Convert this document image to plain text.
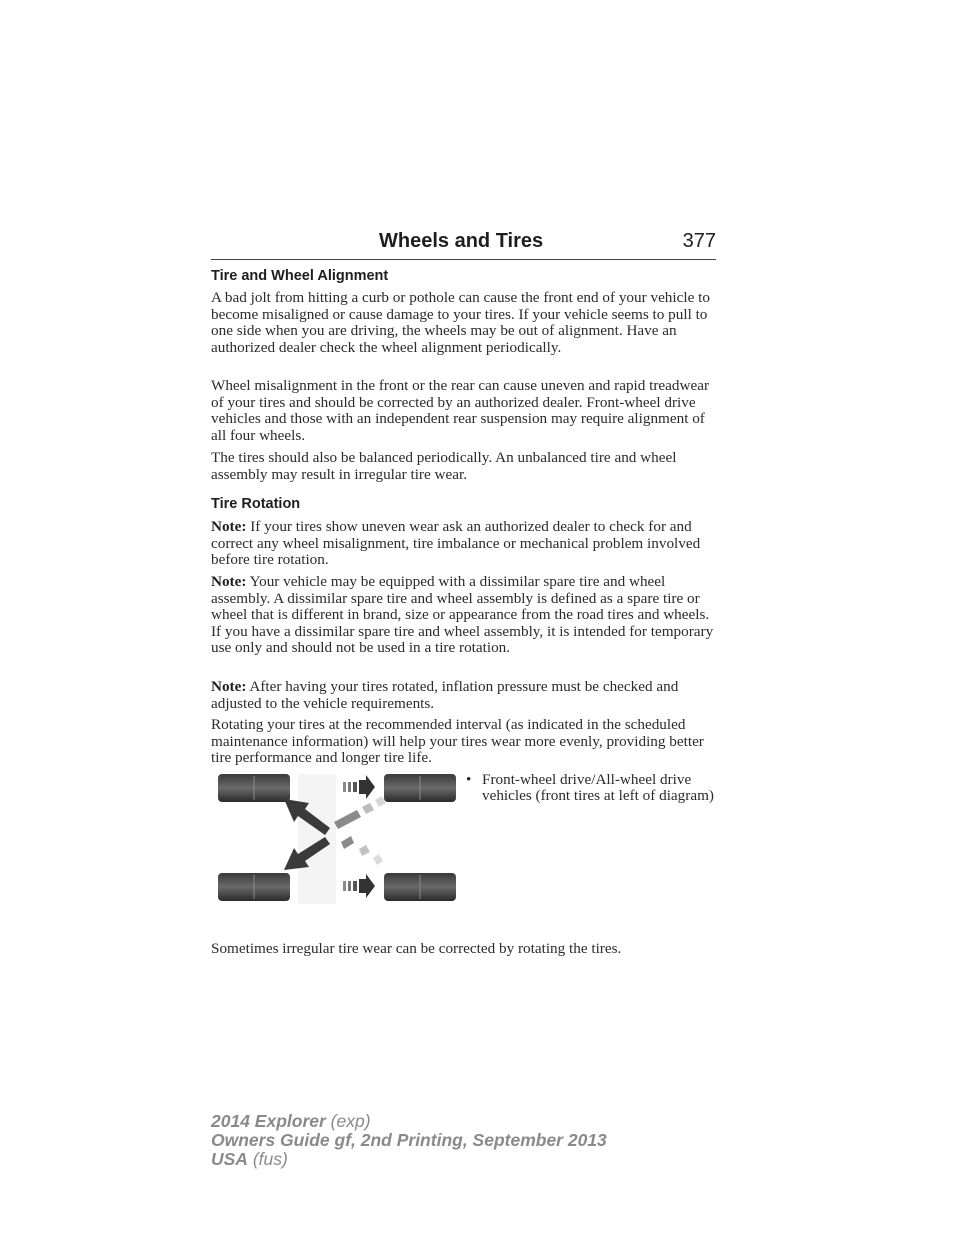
Wheels and Tires	377
Tire and Wheel Alignment

A bad jolt from hitting a curb or pothole can cause the front end of your vehicle to become misaligned or cause damage to your tires. If your vehicle seems to pull to one side when you are driving, the wheels may be out of alignment. Have an authorized dealer check the wheel alignment periodically.

Wheel misalignment in the front or the rear can cause uneven and rapid treadwear of your tires and should be corrected by an authorized dealer. Front-wheel drive vehicles and those with an independent rear suspension may require alignment of all four wheels.

The tires should also be balanced periodically. An unbalanced tire and wheel assembly may result in irregular tire wear.

Tire Rotation

Note: If your tires show uneven wear ask an authorized dealer to check for and correct any wheel misalignment, tire imbalance or mechanical problem involved before tire rotation.

Note: Your vehicle may be equipped with a dissimilar spare tire and wheel assembly. A dissimilar spare tire and wheel assembly is defined as a spare tire or wheel that is different in brand, size or appearance from the road tires and wheels. If you have a dissimilar spare tire and wheel assembly, it is intended for temporary use only and should not be used in a tire rotation.

Note: After having your tires rotated, inflation pressure must be checked and adjusted to the vehicle requirements.

Rotating your tires at the recommended interval (as indicated in the scheduled maintenance information) will help your tires wear more evenly, providing better tire performance and longer tire life.

• Front-wheel drive/All-wheel drive vehicles (front tires at left of diagram)

Sometimes irregular tire wear can be corrected by rotating the tires.

2014 Explorer (exp)
Owners Guide gf, 2nd Printing, September 2013
USA (fus)
